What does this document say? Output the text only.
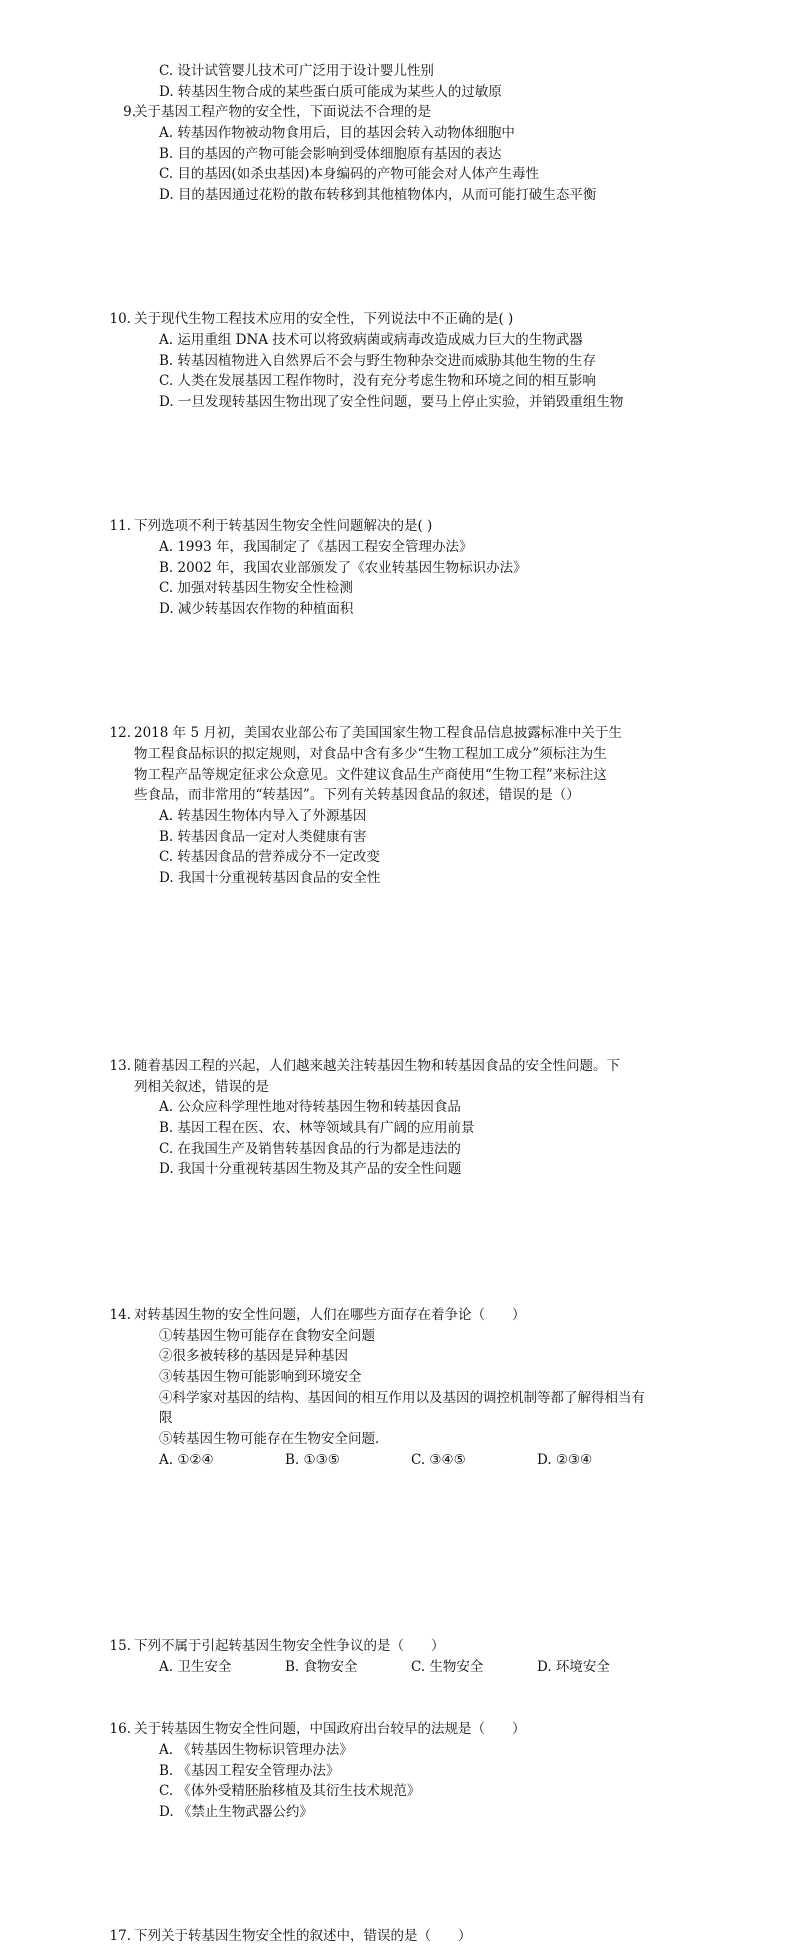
C. 设计试管婴儿技术可广泛用于设计婴儿性别
D. 转基因生物合成的某些蛋白质可能成为某些人的过敏原
9.
关于基因工程产物的安全性，下面说法不合理的是
A. 转基因作物被动物食用后，目的基因会转入动物体细胞中
B. 目的基因的产物可能会影响到受体细胞原有基因的表达
C. 目的基因(如杀虫基因)本身编码的产物可能会对人体产生毒性
D. 目的基因通过花粉的散布转移到其他植物体内，从而可能打破生态平衡
10. 关于现代生物工程技术应用的安全性，下列说法中不正确的是( )
A. 运用重组 DNA 技术可以将致病菌或病毒改造成威力巨大的生物武器
B. 转基因植物进入自然界后不会与野生物种杂交进而威胁其他生物的生存
C. 人类在发展基因工程作物时，没有充分考虑生物和环境之间的相互影响
D. 一旦发现转基因生物出现了安全性问题，要马上停止实验，并销毁重组生物
11. 下列选项不利于转基因生物安全性问题解决的是( )
A. 1993 年，我国制定了《基因工程安全管理办法》
B. 2002 年，我国农业部颁发了《农业转基因生物标识办法》
C. 加强对转基因生物安全性检测
D. 减少转基因农作物的种植面积
12. 2018 年 5 月初，美国农业部公布了美国国家生物工程食品信息披露标准中关于生
物工程食品标识的拟定规则，对食品中含有多少“生物工程加工成分”须标注为生
物工程产品等规定征求公众意见。文件建议食品生产商使用“生物工程”来标注这
些食品，而非常用的“转基因”。下列有关转基因食品的叙述，错误的是（）
A. 转基因生物体内导入了外源基因
B. 转基因食品一定对人类健康有害
C. 转基因食品的营养成分不一定改变
D. 我国十分重视转基因食品的安全性
13. 随着基因工程的兴起，人们越来越关注转基因生物和转基因食品的安全性问题。下
列相关叙述，错误的是
A. 公众应科学理性地对待转基因生物和转基因食品
B. 基因工程在医、农、林等领域具有广阔的应用前景
C. 在我国生产及销售转基因食品的行为都是违法的
D. 我国十分重视转基因生物及其产品的安全性问题
14. 对转基因生物的安全性问题，人们在哪些方面存在着争论（　　）
①转基因生物可能存在食物安全问题
②很多被转移的基因是异种基因
③转基因生物可能影响到环境安全
④科学家对基因的结构、基因间的相互作用以及基因的调控机制等都了解得相当有
限
⑤转基因生物可能存在生物安全问题．
A. ①②④	B. ①③⑤	C. ③④⑤	D. ②③④
15. 下列不属于引起转基因生物安全性争议的是（　　）
A. 卫生安全	B. 食物安全	C. 生物安全	D. 环境安全
16. 关于转基因生物安全性问题，中国政府出台较早的法规是（　　）
A. 《转基因生物标识管理办法》
B. 《基因工程安全管理办法》
C. 《体外受精胚胎移植及其衍生技术规范》
D. 《禁止生物武器公约》
17. 下列关于转基因生物安全性的叙述中，错误的是（　　）
